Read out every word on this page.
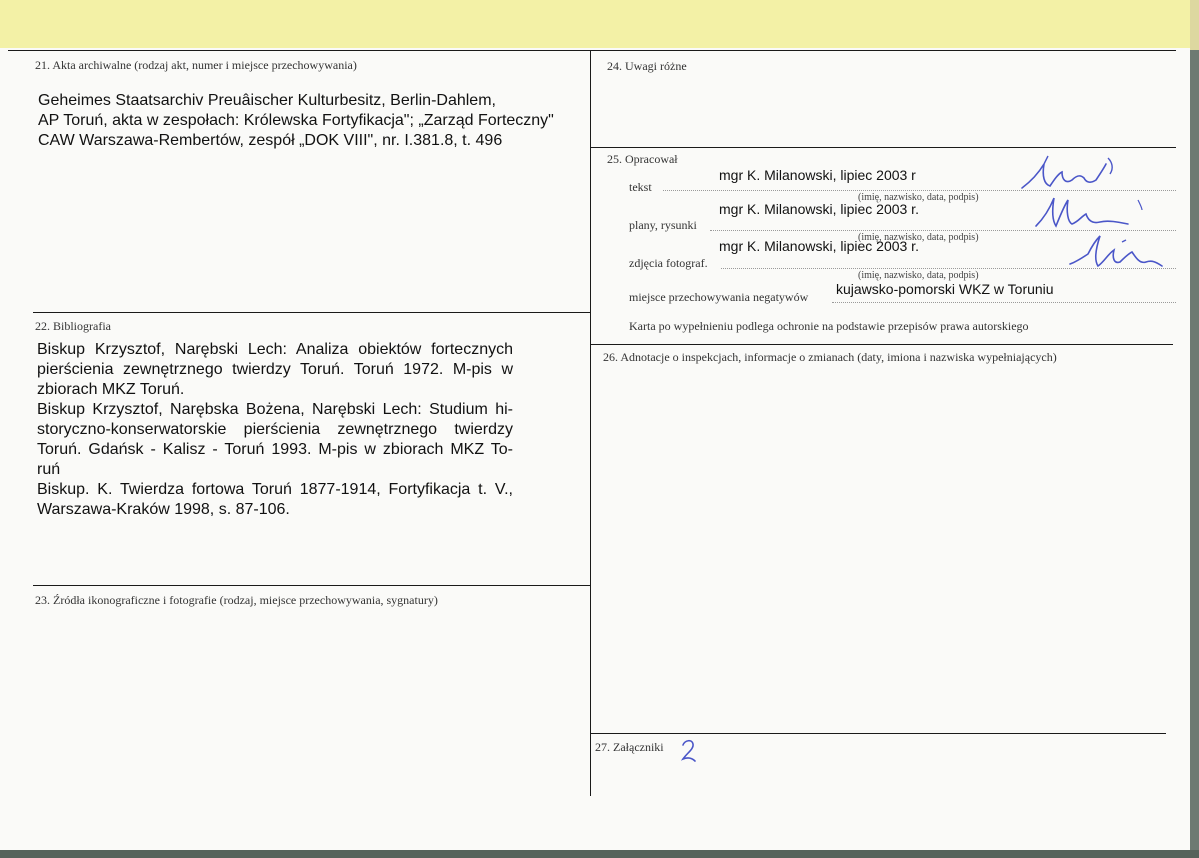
21. Akta archiwalne (rodzaj akt, numer i miejsce przechowywania)
Geheimes Staatsarchiv Preuâischer Kulturbesitz, Berlin-Dahlem,
AP Toruń, akta w zespołach: Królewska Fortyfikacja"; „Zarząd Forteczny"
CAW Warszawa-Rembertów, zespół „DOK VIII", nr. I.381.8, t. 496
22. Bibliografia
Biskup Krzysztof, Narębski Lech: Analiza obiektów fortecznych
pierścienia zewnętrznego twierdzy Toruń. Toruń 1972. M-pis w
zbiorach MKZ Toruń.
Biskup Krzysztof, Narębska Bożena, Narębski Lech: Studium hi-
storyczno-konserwatorskie pierścienia zewnętrznego twierdzy
Toruń. Gdańsk - Kalisz - Toruń 1993. M-pis w zbiorach MKZ To-
ruń
Biskup. K. Twierdza fortowa Toruń 1877-1914, Fortyfikacja t. V.,
Warszawa-Kraków 1998, s. 87-106.
23. Źródła ikonograficzne i fotografie (rodzaj, miejsce przechowywania, sygnatury)
24. Uwagi różne
25. Opracował
tekst
mgr K. Milanowski, lipiec 2003 r
(imię, nazwisko, data, podpis)
plany, rysunki
mgr K. Milanowski, lipiec 2003 r.
(imię, nazwisko, data, podpis)
zdjęcia fotograf.
mgr K. Milanowski, lipiec 2003 r.
(imię, nazwisko, data, podpis)
miejsce przechowywania negatywów kujawsko-pomorski WKZ w Toruniu
Karta po wypełnieniu podlega ochronie na podstawie przepisów prawa autorskiego
26. Adnotacje o inspekcjach, informacje o zmianach (daty, imiona i nazwiska wypełniających)
27. Załączniki
2
